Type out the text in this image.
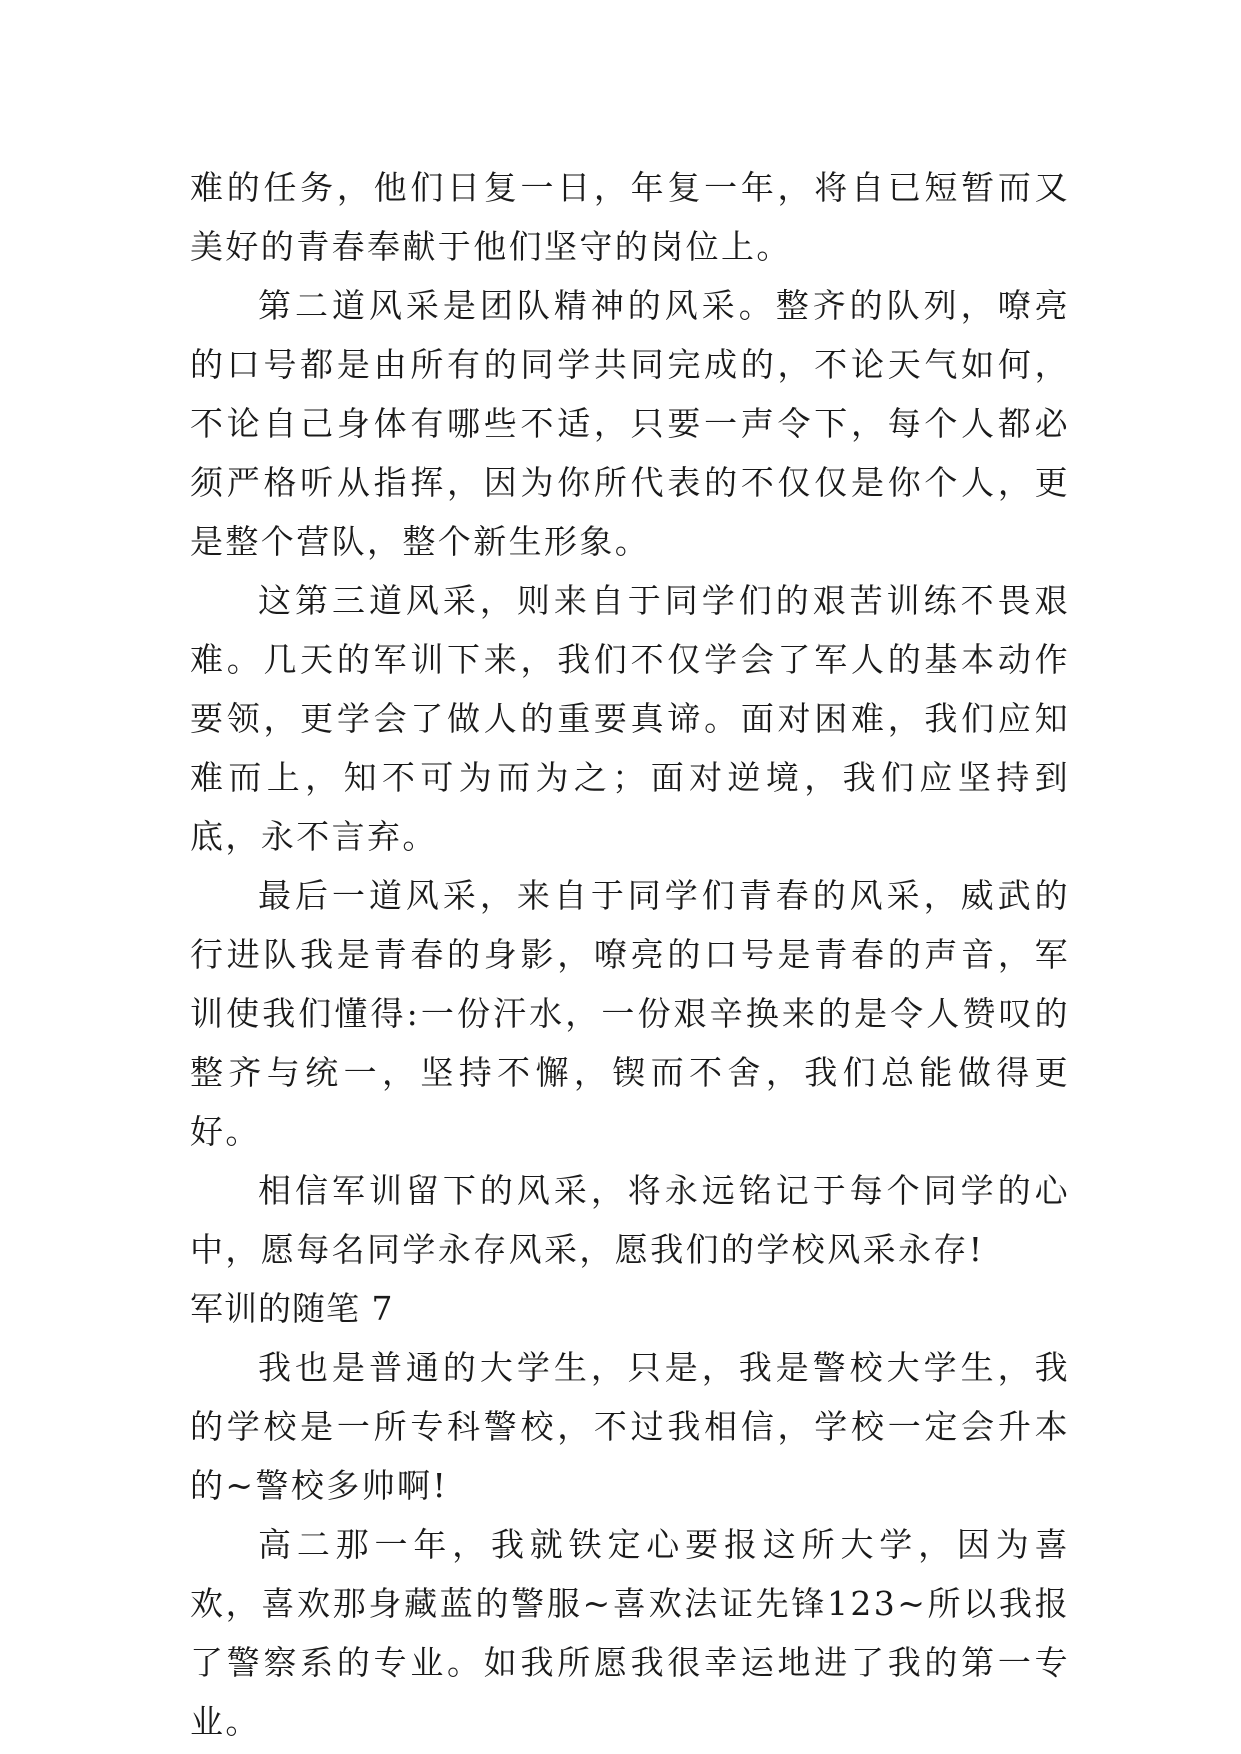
难的任务，他们日复一日，年复一年，将自已短暂而又美好的青春奉献于他们坚守的岗位上。

第二道风采是团队精神的风采。整齐的队列，嘹亮的口号都是由所有的同学共同完成的，不论天气如何，不论自己身体有哪些不适，只要一声令下，每个人都必须严格听从指挥，因为你所代表的不仅仅是你个人，更是整个营队，整个新生形象。

这第三道风采，则来自于同学们的艰苦训练不畏艰难。几天的军训下来，我们不仅学会了军人的基本动作要领，更学会了做人的重要真谛。面对困难，我们应知难而上，知不可为而为之；面对逆境，我们应坚持到底，永不言弃。

最后一道风采，来自于同学们青春的风采，威武的行进队我是青春的身影，嘹亮的口号是青春的声音，军训使我们懂得:一份汗水，一份艰辛换来的是令人赞叹的整齐与统一，坚持不懈，锲而不舍，我们总能做得更好。

相信军训留下的风采，将永远铭记于每个同学的心中，愿每名同学永存风采，愿我们的学校风采永存!

军训的随笔 7

我也是普通的大学生，只是，我是警校大学生，我的学校是一所专科警校，不过我相信，学校一定会升本的~警校多帅啊!

高二那一年，我就铁定心要报这所大学，因为喜欢，喜欢那身藏蓝的警服~喜欢法证先锋123~所以我报了警察系的专业。如我所愿我很幸运地进了我的第一专业。
